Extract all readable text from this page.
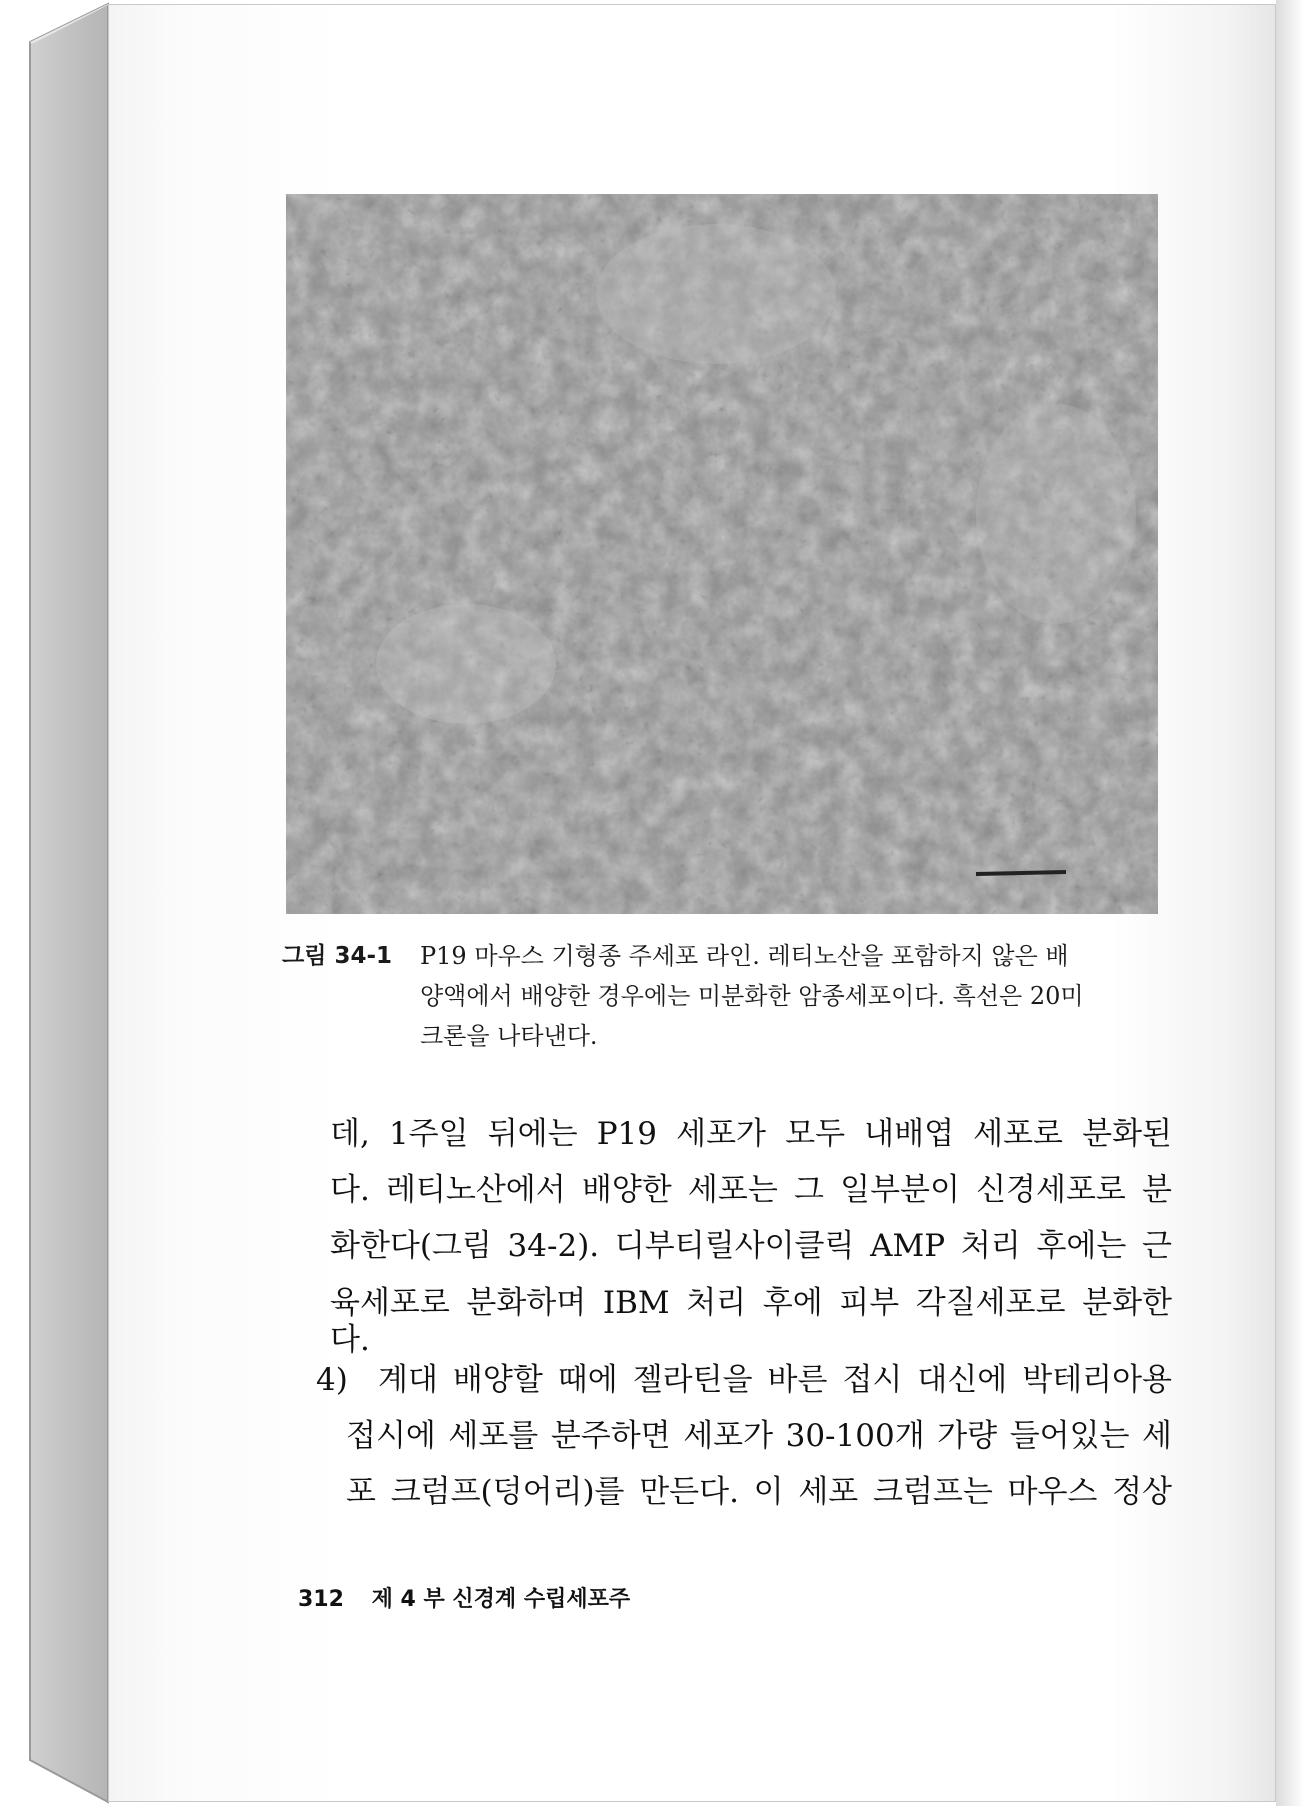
그림 34-1	P19 마우스 기형종 주세포 라인. 레티노산을 포함하지 않은 배
양액에서 배양한 경우에는 미분화한 암종세포이다. 흑선은 20미
크론을 나타낸다.
데, 1주일 뒤에는 P19 세포가 모두 내배엽 세포로 분화된
다. 레티노산에서 배양한 세포는 그 일부분이 신경세포로 분
화한다(그림 34-2). 디부티릴사이클릭 AMP 처리 후에는 근
육세포로 분화하며 IBM 처리 후에 피부 각질세포로 분화한
다.
4) 계대 배양할 때에 젤라틴을 바른 접시 대신에 박테리아용
접시에 세포를 분주하면 세포가 30-100개 가량 들어있는 세
포 크럼프(덩어리)를 만든다. 이 세포 크럼프는 마우스 정상
312 제 4 부 신경계 수립세포주
